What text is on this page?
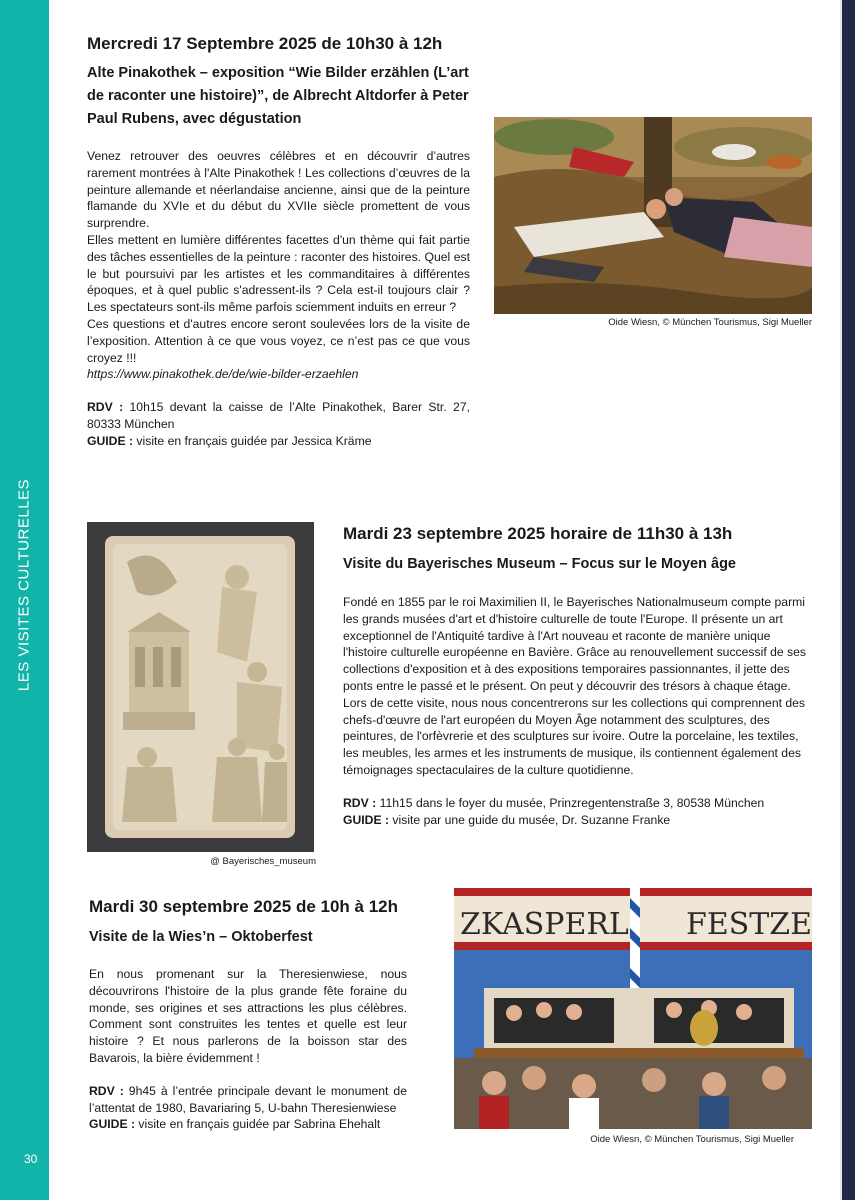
LES VISITES CULTURELLES
30
Mercredi 17 Septembre 2025 de 10h30 à 12h
Alte Pinakothek – exposition “Wie Bilder erzählen (L’art de raconter une histoire)”, de Albrecht Altdorfer à Peter Paul Rubens, avec dégustation

Venez retrouver des oeuvres célèbres et en découvrir d’autres rarement montrées à l'Alte Pinakothek ! Les collections d’œuvres de la peinture allemande et néerlandaise ancienne, ainsi que de la peinture flamande du XVIe et du début du XVIIe siècle promettent de vous surprendre.

Elles mettent en lumière différentes facettes d'un thème qui fait partie des tâches essentielles de la peinture : raconter des histoires. Quel est le but poursuivi par les artistes et les commanditaires à différentes époques, et à quel public s'adressent-ils ? Cela est-il toujours clair ? Les spectateurs sont-ils même parfois sciemment induits en erreur ?

Ces questions et d'autres encore seront soulevées lors de la visite de l’exposition. Attention à ce que vous voyez, ce n’est pas ce que vous croyez !!!

https://www.pinakothek.de/de/wie-bilder-erzaehlen

RDV : 10h15 devant la caisse de l’Alte Pinakothek, Barer Str. 27, 80333 München

GUIDE : visite en français guidée par Jessica Kräme

Oide Wiesn, © München Tourismus, Sigi Mueller
@ Bayerisches_museum
Mardi 23 septembre 2025 horaire de 11h30 à 13h
Visite du Bayerisches Museum – Focus sur le Moyen âge

Fondé en 1855 par le roi Maximilien II, le Bayerisches Nationalmuseum compte parmi les grands musées d'art et d'histoire culturelle de toute l'Europe. Il présente un art exceptionnel de l'Antiquité tardive à l'Art nouveau et raconte de manière unique l'histoire culturelle européenne en Bavière. Grâce au renouvellement successif de ses collections d'exposition et à des expositions temporaires passionnantes, il jette des ponts entre le passé et le présent. On peut y découvrir des trésors à chaque étage.

Lors de cette visite, nous nous concentrerons sur les collections qui comprennent des chefs-d'œuvre de l'art européen du Moyen Âge notamment des sculptures, des peintures, de l'orfèvrerie et des sculptures sur ivoire. Outre la porcelaine, les textiles, les meubles, les armes et les instruments de musique, ils contiennent également des témoignages spectaculaires de la culture quotidienne.

RDV : 11h15 dans le foyer du musée, Prinzregentenstraße 3, 80538 München

GUIDE : visite par une guide du musée, Dr. Suzanne Franke

Mardi 30 septembre 2025 de 10h à 12h
Visite de la Wies’n – Oktoberfest

En nous promenant sur la Theresienwiese, nous découvrirons l'histoire de la plus grande fête foraine du monde, ses origines et ses attractions les plus célèbres. Comment sont construites les tentes et quelle est leur histoire ? Et nous parlerons de la boisson star des Bavarois, la bière évidemment !

RDV : 9h45 à l’entrée principale devant le monument de l’attentat de 1980, Bavariaring 5, U-bahn Theresienwiese

GUIDE : visite en français guidée par Sabrina Ehehalt

ZKASPERL FESTZE
Oide Wiesn, © München Tourismus, Sigi Mueller
